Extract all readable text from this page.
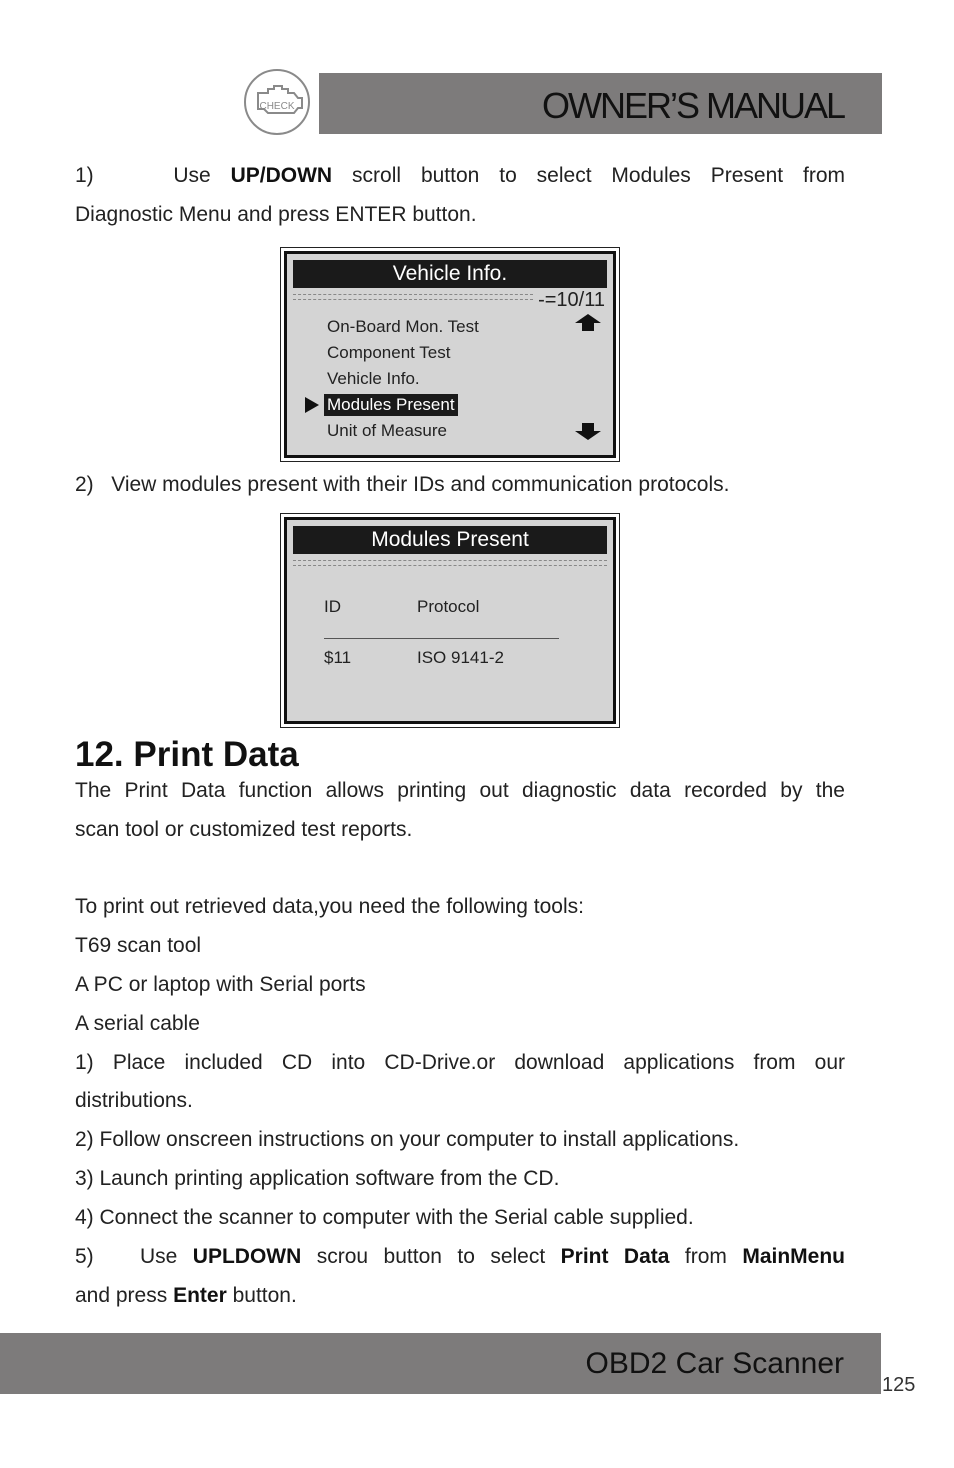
CHECK	OWNER’S MANUAL
1)	Use UP/DOWN scroll button to select Modules Present from
Diagnostic Menu and press ENTER button.
Vehicle Info.
-=10/11
On-Board Mon. Test
Component Test
Vehicle Info.
Modules Present
Unit of Measure
2) View modules present with their IDs and communication protocols.
Modules Present
ID	Protocol
$11	ISO 9141-2
12. Print Data
The Print Data function allows printing out diagnostic data recorded by the
scan tool or customized test reports.
To print out retrieved data,you need the following tools:
T69 scan tool
A PC or laptop with Serial ports
A serial cable
1) Place included CD into CD-Drive.or download applications from our
distributions.
2) Follow onscreen instructions on your computer to install applications.
3) Launch printing application software from the CD.
4) Connect the scanner to computer with the Serial cable supplied.
5)   Use UPLDOWN scrou button to select Print Data from MainMenu
and press Enter button.
OBD2 Car Scanner
125
